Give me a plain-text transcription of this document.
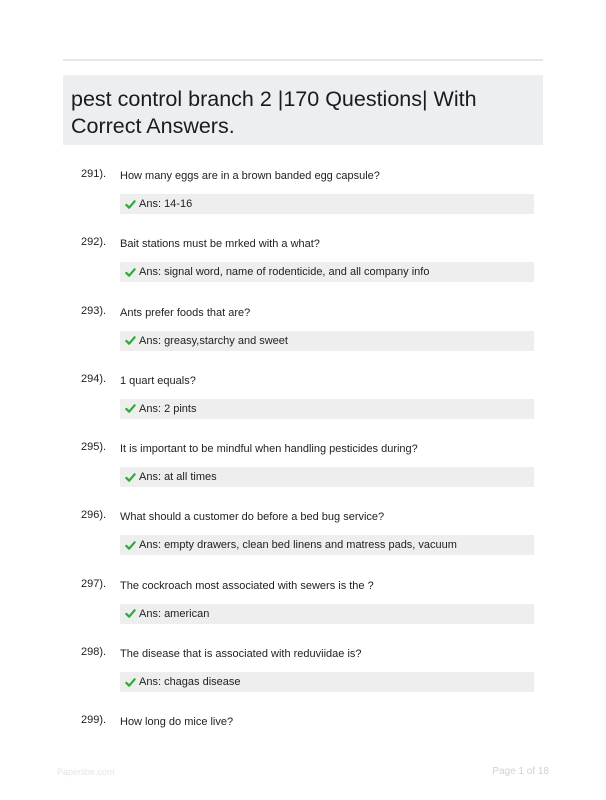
pest control branch 2 |170 Questions| With Correct Answers.
291). How many eggs are in a brown banded egg capsule?
Ans: 14-16
292). Bait stations must be mrked with a what?
Ans: signal word, name of rodenticide, and all company info
293). Ants prefer foods that are?
Ans: greasy,starchy and sweet
294). 1 quart equals?
Ans: 2 pints
295). It is important to be mindful when handling pesticides during?
Ans: at all times
296). What should a customer do before a bed bug service?
Ans: empty drawers, clean bed linens and matress pads, vacuum
297). The cockroach most associated with sewers is the ?
Ans: american
298). The disease that is associated with reduviidae is?
Ans: chagas disease
299). How long do mice live?
Paperlibe.com	Page 1 of 18
